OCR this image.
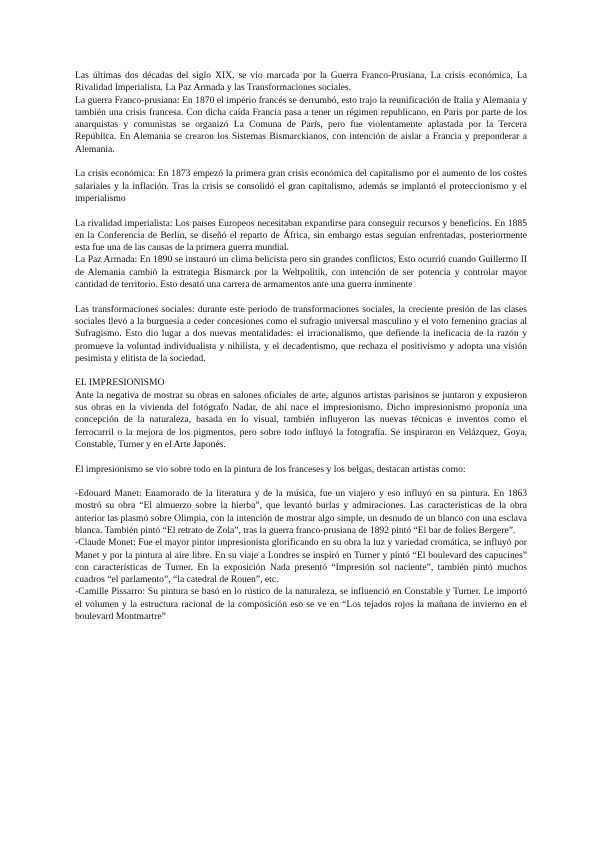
Las últimas dos décadas del siglo XIX, se vio marcada por la Guerra Franco-Prusiana, La crisis económica, La Rivalidad Imperialista, La Paz Armada y las Transformaciones sociales.

La guerra Franco-prusiana: En 1870 el imperio francés se derrumbó, esto trajo la reunificación de Italia y Alemania y también una crisis francesa. Con dicha caída Francia pasa a tener un régimen republicano, en Paris por parte de los anarquistas y comunistas se organizó La Comuna de París, pero fue violentamente aplastada por la Tercera República. En Alemania se crearon los Sistemas Bismarckianos, con intención de aislar a Francia y preponderar a Alemania.

La crisis económica: En 1873 empezó la primera gran crisis económica del capitalismo por el aumento de los costes salariales y la inflación. Tras la crisis se consolidó el gran capitalismo, además se implantó el proteccionismo y el imperialismo

La rivalidad imperialista: Los países Europeos necesitaban expandirse para conseguir recursos y beneficios. En 1885 en la Conferencia de Berlín, se diseñó el reparto de África, sin embargo estas seguían enfrentadas, posteriormente esta fue una de las causas de la primera guerra mundial.

La Paz Armada: En 1890 se instauró un clima belicista pero sin grandes conflictos, Esto ocurrió cuando Guillermo II de Alemania cambió la estrategia Bismarck por la Weltpolitik, con intención de ser potencia y controlar mayor cantidad de territorio. Esto desató una carrera de armamentos ante una guerra inminente

Las transformaciones sociales: durante este periodo de transformaciones sociales, la creciente presión de las clases sociales llevó a la burguesía a ceder concesiones como el sufragio universal masculino y el voto femenino gracias al Sufragismo. Esto dio lugar a dos nuevas mentalidades: el irracionalismo, que defiende la ineficacia de la razón y promueve la voluntad individualista y nihilista, y el decadentismo, que rechaza el positivismo y adopta una visión pesimista y elitista de la sociedad.

EL IMPRESIONISMO

Ante la negativa de mostrar su obras en salones oficiales de arte, algunos artistas parisinos se juntaron y expusieron sus obras en la vivienda del fotógrafo Nadar, de ahí nace el impresionismo. Dicho impresionismo proponía una concepción de la naturaleza, basada en lo visual, también influyeron las nuevas técnicas e inventos como el ferrocarril o la mejora de los pigmentos, pero sobre todo influyó la fotografía. Se inspiraron en Velázquez, Goya, Constable, Turner y en el Arte Japonés.

El impresionismo se vio sobre todo en la pintura de los franceses y los belgas, destacan artistas como:

-Edouard Manet: Enamorado de la literatura y de la música, fue un viajero y eso influyó en su pintura. En 1863 mostró su obra “El almuerzo sobre la hierba”, que levantó burlas y admiraciones. Las características de la obra anterior las plasmó sobre Olimpia, con la intención de mostrar algo simple, un desnudo de un blanco con una esclava blanca. También pintó “El retrato de Zola”, tras la guerra franco-prusiana de 1892 pintó “El bar de folies Bergere”.

-Claude Monet: Fue el mayor pintor impresionista glorificando en su obra la luz y variedad cromática, se influyó por Manet y por la pintura al aire libre. En su viaje a Londres se inspiró en Turner y pintó “El boulevard des capucines” con características de Turner. En la exposición Nada presentó “Impresión sol naciente”, también pintó muchos cuadros “el parlamento”, “la catedral de Rouen”, etc.

-Camille Pissarro: Su pintura se basó en lo rústico de la naturaleza, se influenció en Constable y Turner. Le importó el volumen y la estructura racional de la composición eso se ve en “Los tejados rojos la mañana de invierno en el boulevard Montmartre”
